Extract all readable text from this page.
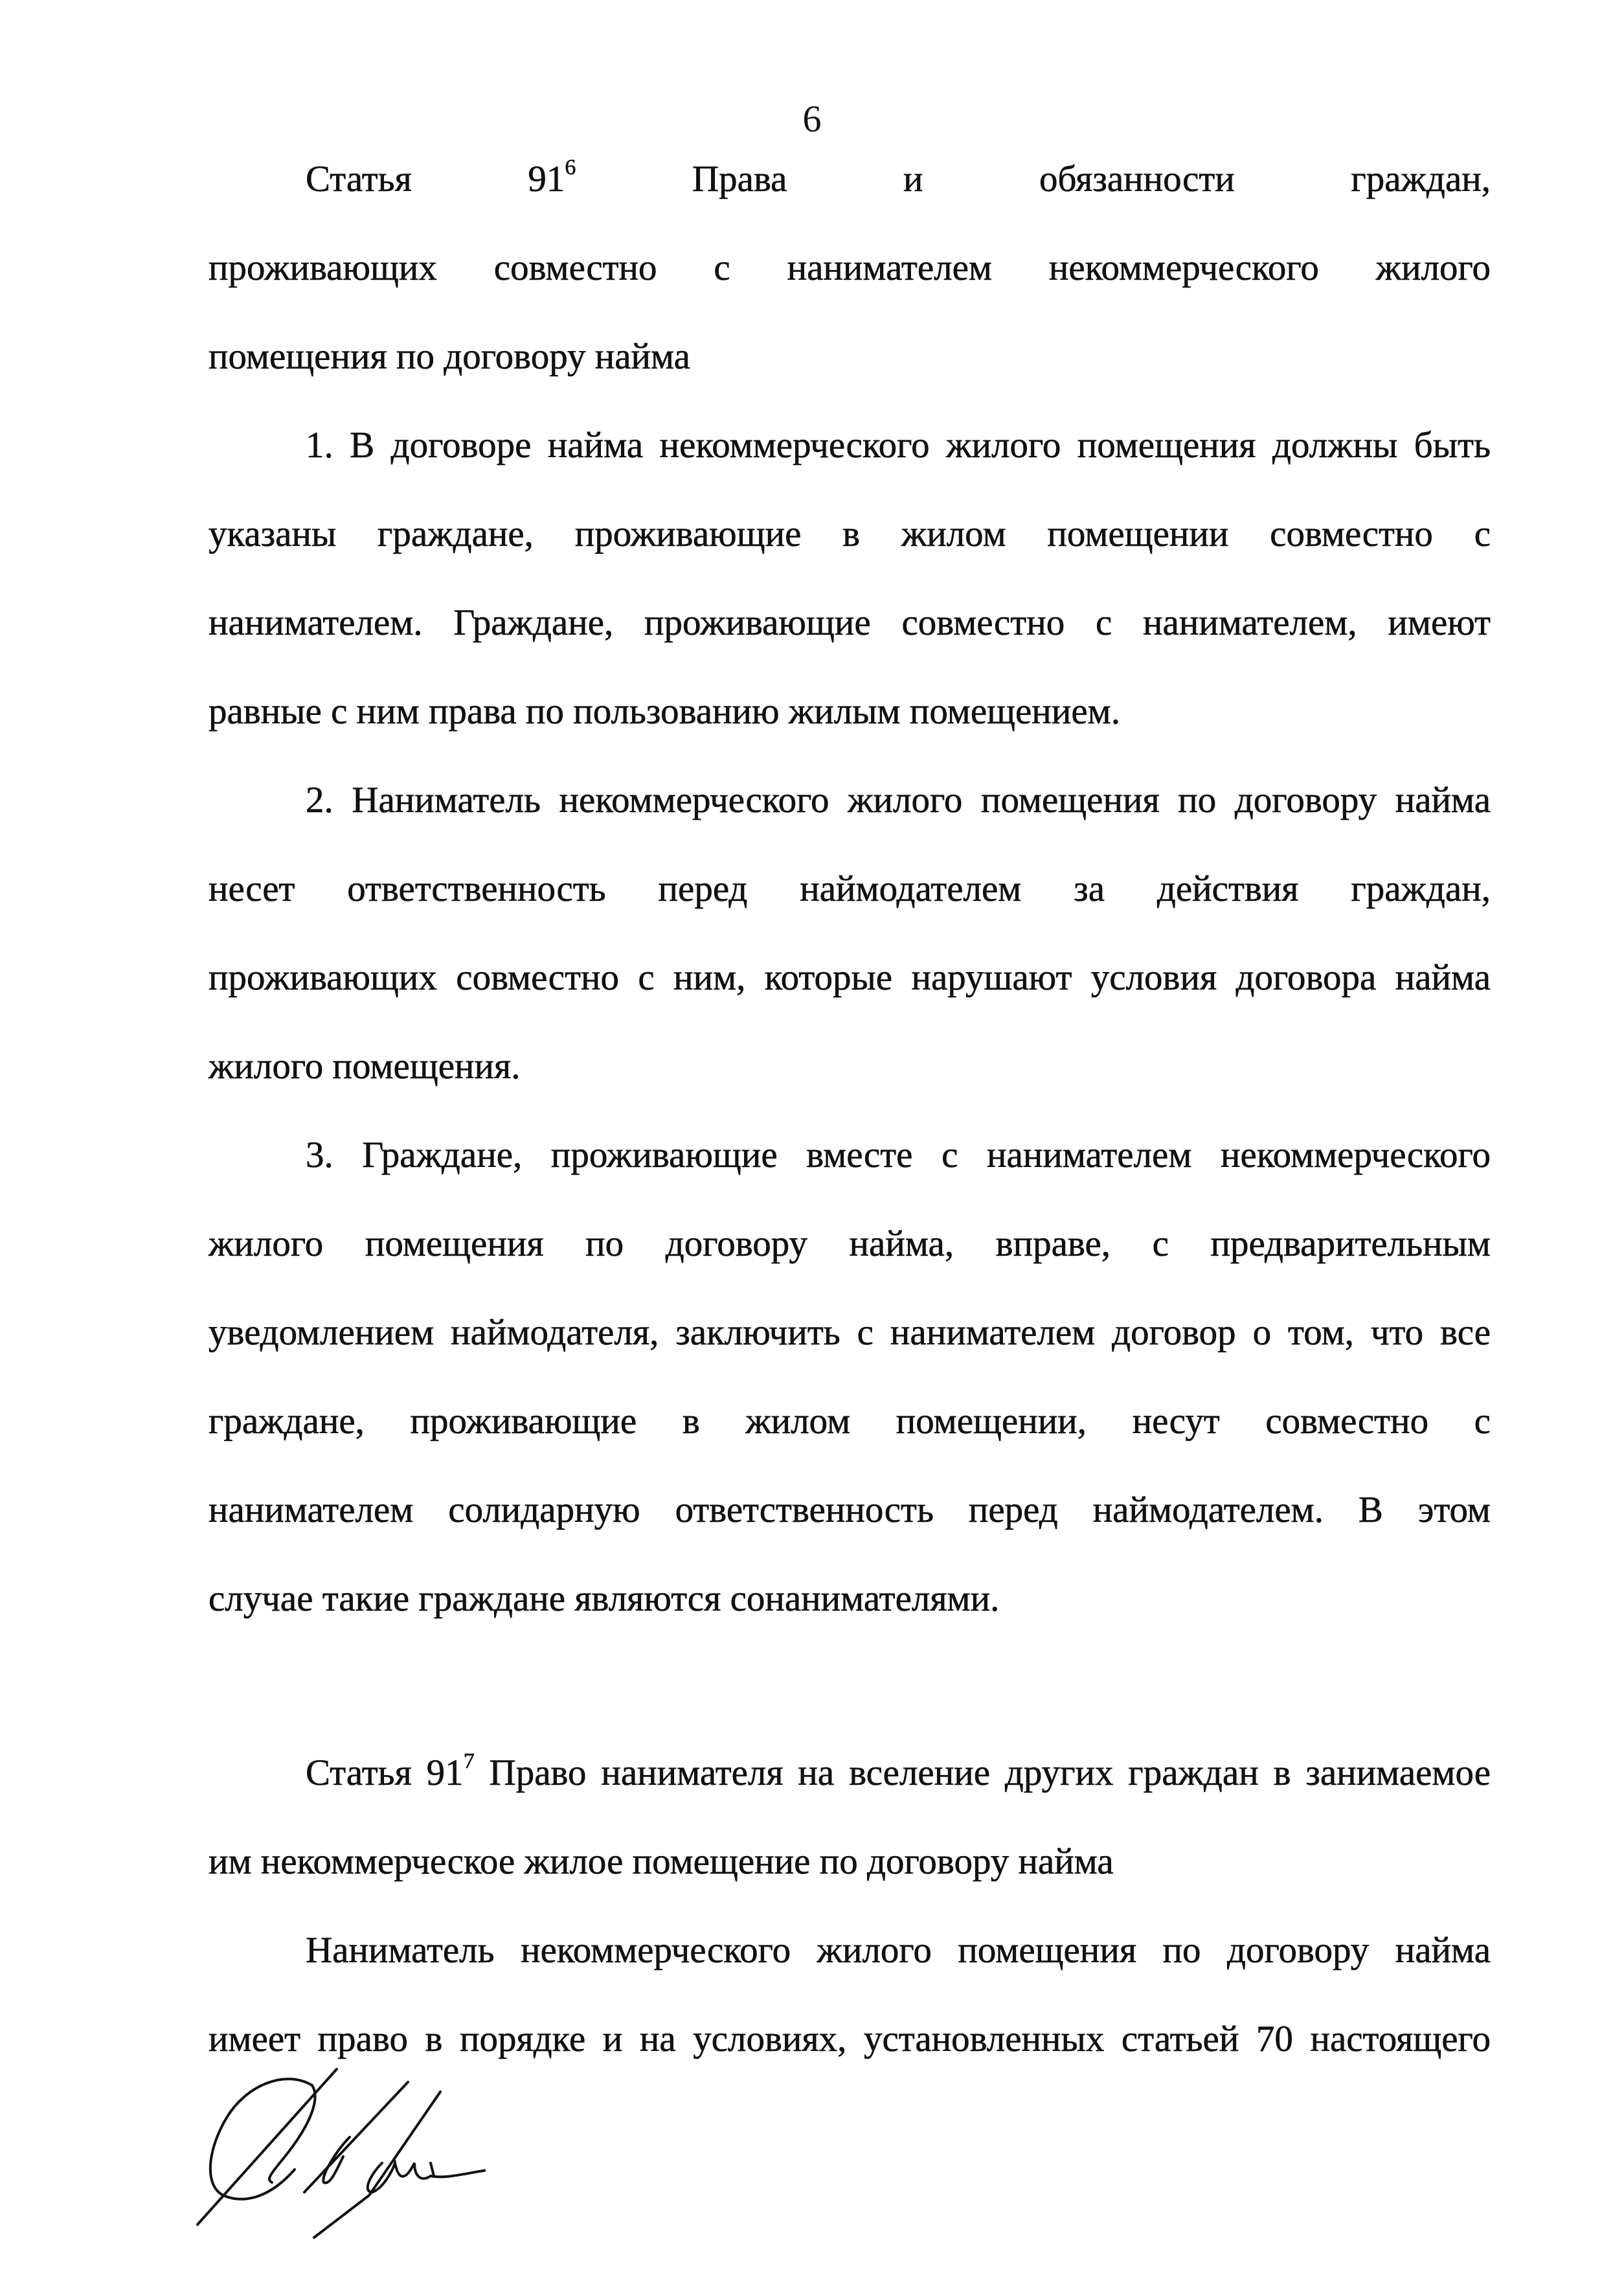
6
Статья $91^6$ Права и обязанности граждан,
проживающих совместно с нанимателем некоммерческого жилого
помещения по договору найма
1. В договоре найма некоммерческого жилого помещения должны быть
указаны граждане, проживающие в жилом помещении совместно с
нанимателем. Граждане, проживающие совместно с нанимателем, имеют
равные с ним права по пользованию жилым помещением.
2. Наниматель некоммерческого жилого помещения по договору найма
несет ответственность перед наймодателем за действия граждан,
проживающих совместно с ним, которые нарушают условия договора найма
жилого помещения.
3. Граждане, проживающие вместе с нанимателем некоммерческого
жилого помещения по договору найма, вправе, с предварительным
уведомлением наймодателя, заключить с нанимателем договор о том, что все
граждане, проживающие в жилом помещении, несут совместно с
нанимателем солидарную ответственность перед наймодателем. В этом
случае такие граждане являются сонанимателями.
Статья $91^7$ Право нанимателя на вселение других граждан в занимаемое
им некоммерческое жилое помещение по договору найма
Наниматель некоммерческого жилого помещения по договору найма
имеет право в порядке и на условиях, установленных статьей 70 настоящего
